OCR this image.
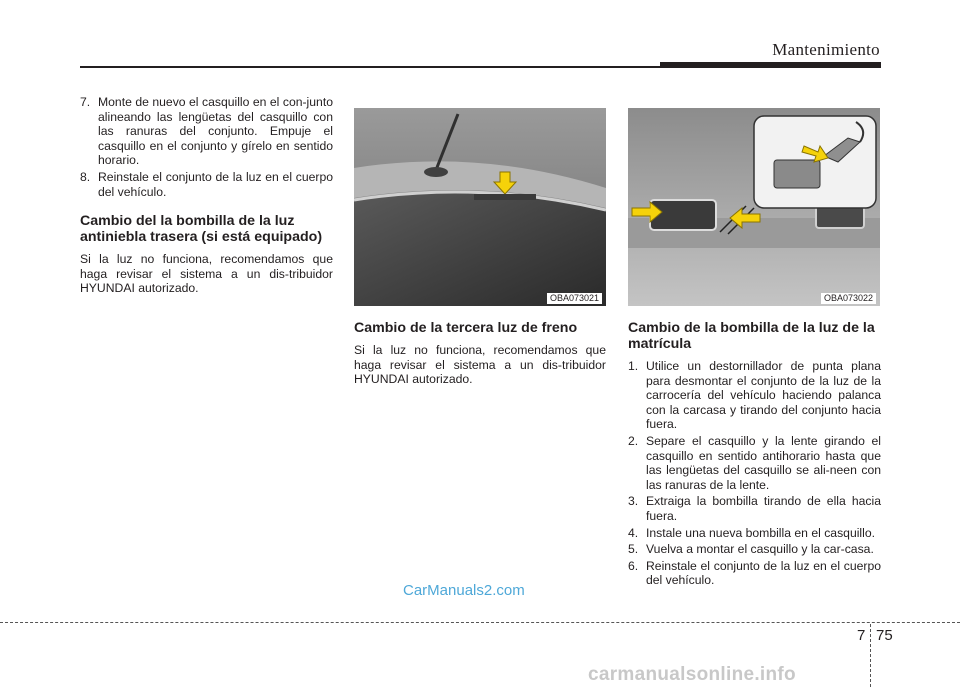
Mantenimiento
7. Monte de nuevo el casquillo en el con-junto alineando las lengüetas del casquillo con las ranuras del conjunto. Empuje el casquillo en el conjunto y gírelo en sentido horario.
8. Reinstale el conjunto de la luz en el cuerpo del vehículo.
Cambio del la bombilla de la luz antiniebla trasera (si está equipado)

Si la luz no funciona, recomendamos que haga revisar el sistema a un dis-tribuidor HYUNDAI autorizado.

OBA073021
Cambio de la tercera luz de freno

Si la luz no funciona, recomendamos que haga revisar el sistema a un dis-tribuidor HYUNDAI autorizado.

OBA073022
Cambio de la bombilla de la luz de la matrícula
1. Utilice un destornillador de punta plana para desmontar el conjunto de la luz de la carrocería del vehículo haciendo palanca con la carcasa y tirando del conjunto hacia fuera.
2. Separe el casquillo y la lente girando el casquillo en sentido antihorario hasta que las lengüetas del casquillo se ali-neen con las ranuras de la lente.
3. Extraiga la bombilla tirando de ella hacia fuera.
4. Instale una nueva bombilla en el casquillo.
5. Vuelva a montar el casquillo y la car-casa.
6. Reinstale el conjunto de la luz en el cuerpo del vehículo.
CarManuals2.com
7 75
carmanualsonline.info
